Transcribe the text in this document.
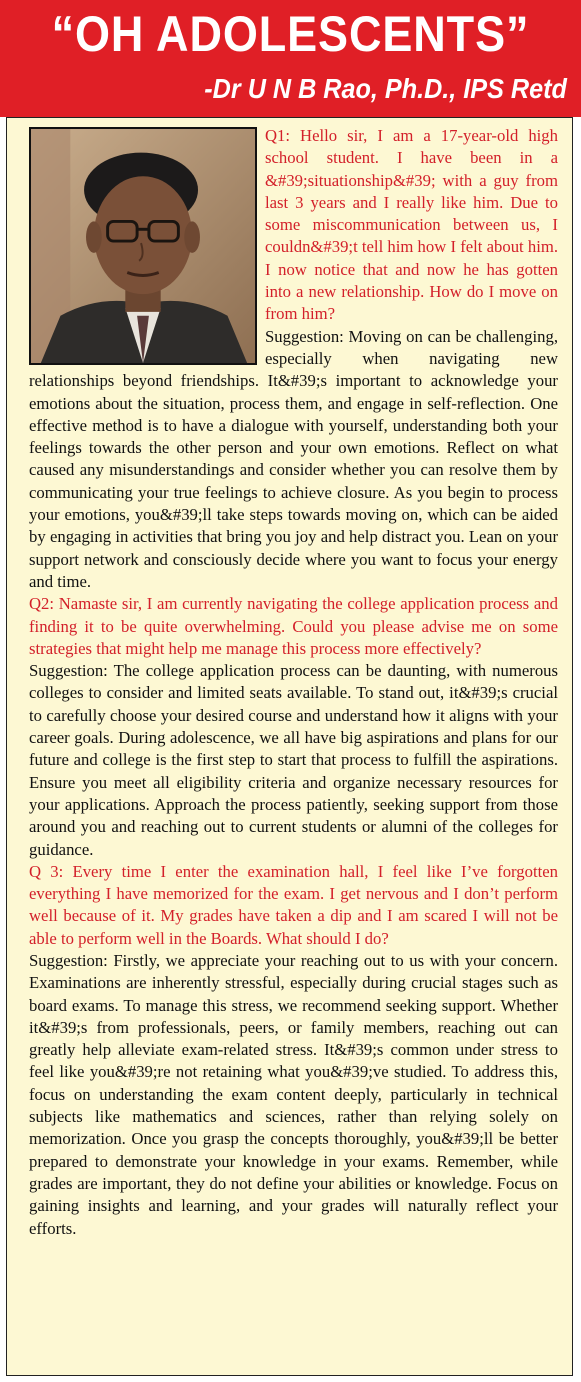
“OH ADOLESCENTS”
-Dr U N B Rao, Ph.D., IPS Retd

Q1: Hello sir, I am a 17-year-old high school student. I have been in a &#39;situationship&#39; with a guy from last 3 years and I really like him. Due to some miscommunication between us, I couldn&#39;t tell him how I felt about him. I now notice that and now he has gotten into a new relationship. How do I move on from him?

Suggestion: Moving on can be challenging, especially when navigating new relationships beyond friendships. It&#39;s important to acknowledge your emotions about the situation, process them, and engage in self-reflection. One effective method is to have a dialogue with yourself, understanding both your feelings towards the other person and your own emotions. Reflect on what caused any misunderstandings and consider whether you can resolve them by communicating your true feelings to achieve closure. As you begin to process your emotions, you&#39;ll take steps towards moving on, which can be aided by engaging in activities that bring you joy and help distract you. Lean on your support network and consciously decide where you want to focus your energy and time.

Q2: Namaste sir, I am currently navigating the college application process and finding it to be quite overwhelming. Could you please advise me on some strategies that might help me manage this process more effectively?

Suggestion: The college application process can be daunting, with numerous colleges to consider and limited seats available. To stand out, it&#39;s crucial to carefully choose your desired course and understand how it aligns with your career goals. During adolescence, we all have big aspirations and plans for our future and college is the first step to start that process to fulfill the aspirations. Ensure you meet all eligibility criteria and organize necessary resources for your applications. Approach the process patiently, seeking support from those around you and reaching out to current students or alumni of the colleges for guidance.

Q 3: Every time I enter the examination hall, I feel like I’ve forgotten everything I have memorized for the exam. I get nervous and I don’t perform well because of it. My grades have taken a dip and I am scared I will not be able to perform well in the Boards. What should I do?

Suggestion: Firstly, we appreciate your reaching out to us with your concern. Examinations are inherently stressful, especially during crucial stages such as board exams. To manage this stress, we recommend seeking support. Whether it&#39;s from professionals, peers, or family members, reaching out can greatly help alleviate exam-related stress. It&#39;s common under stress to feel like you&#39;re not retaining what you&#39;ve studied. To address this, focus on understanding the exam content deeply, particularly in technical subjects like mathematics and sciences, rather than relying solely on memorization. Once you grasp the concepts thoroughly, you&#39;ll be better prepared to demonstrate your knowledge in your exams. Remember, while grades are important, they do not define your abilities or knowledge. Focus on gaining insights and learning, and your grades will naturally reflect your efforts.
